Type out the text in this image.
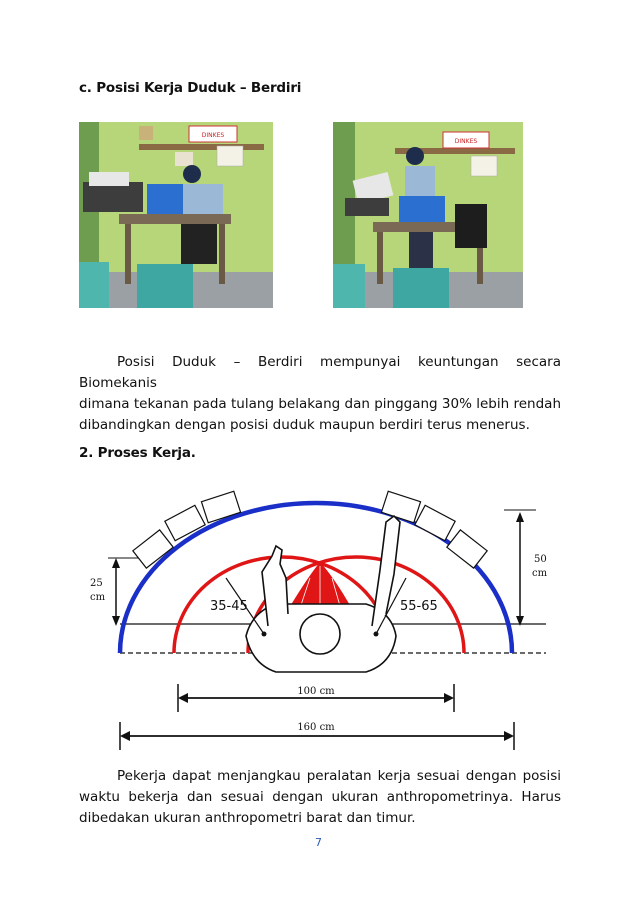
c. Posisi Kerja Duduk – Berdiri
DINKES
DINKES
Posisi Duduk – Berdiri mempunyai keuntungan secara Biomekanis
dimana tekanan pada tulang belakang dan pinggang 30% lebih rendah
dibandingkan dengan posisi duduk maupun berdiri terus menerus.
2. Proses Kerja.
35-45	55-65
25
cm
50
cm
100 cm
160 cm
Pekerja dapat menjangkau peralatan kerja sesuai dengan posisi
waktu bekerja dan sesuai dengan ukuran anthropometrinya. Harus
dibedakan ukuran anthropometri barat dan timur.
7
